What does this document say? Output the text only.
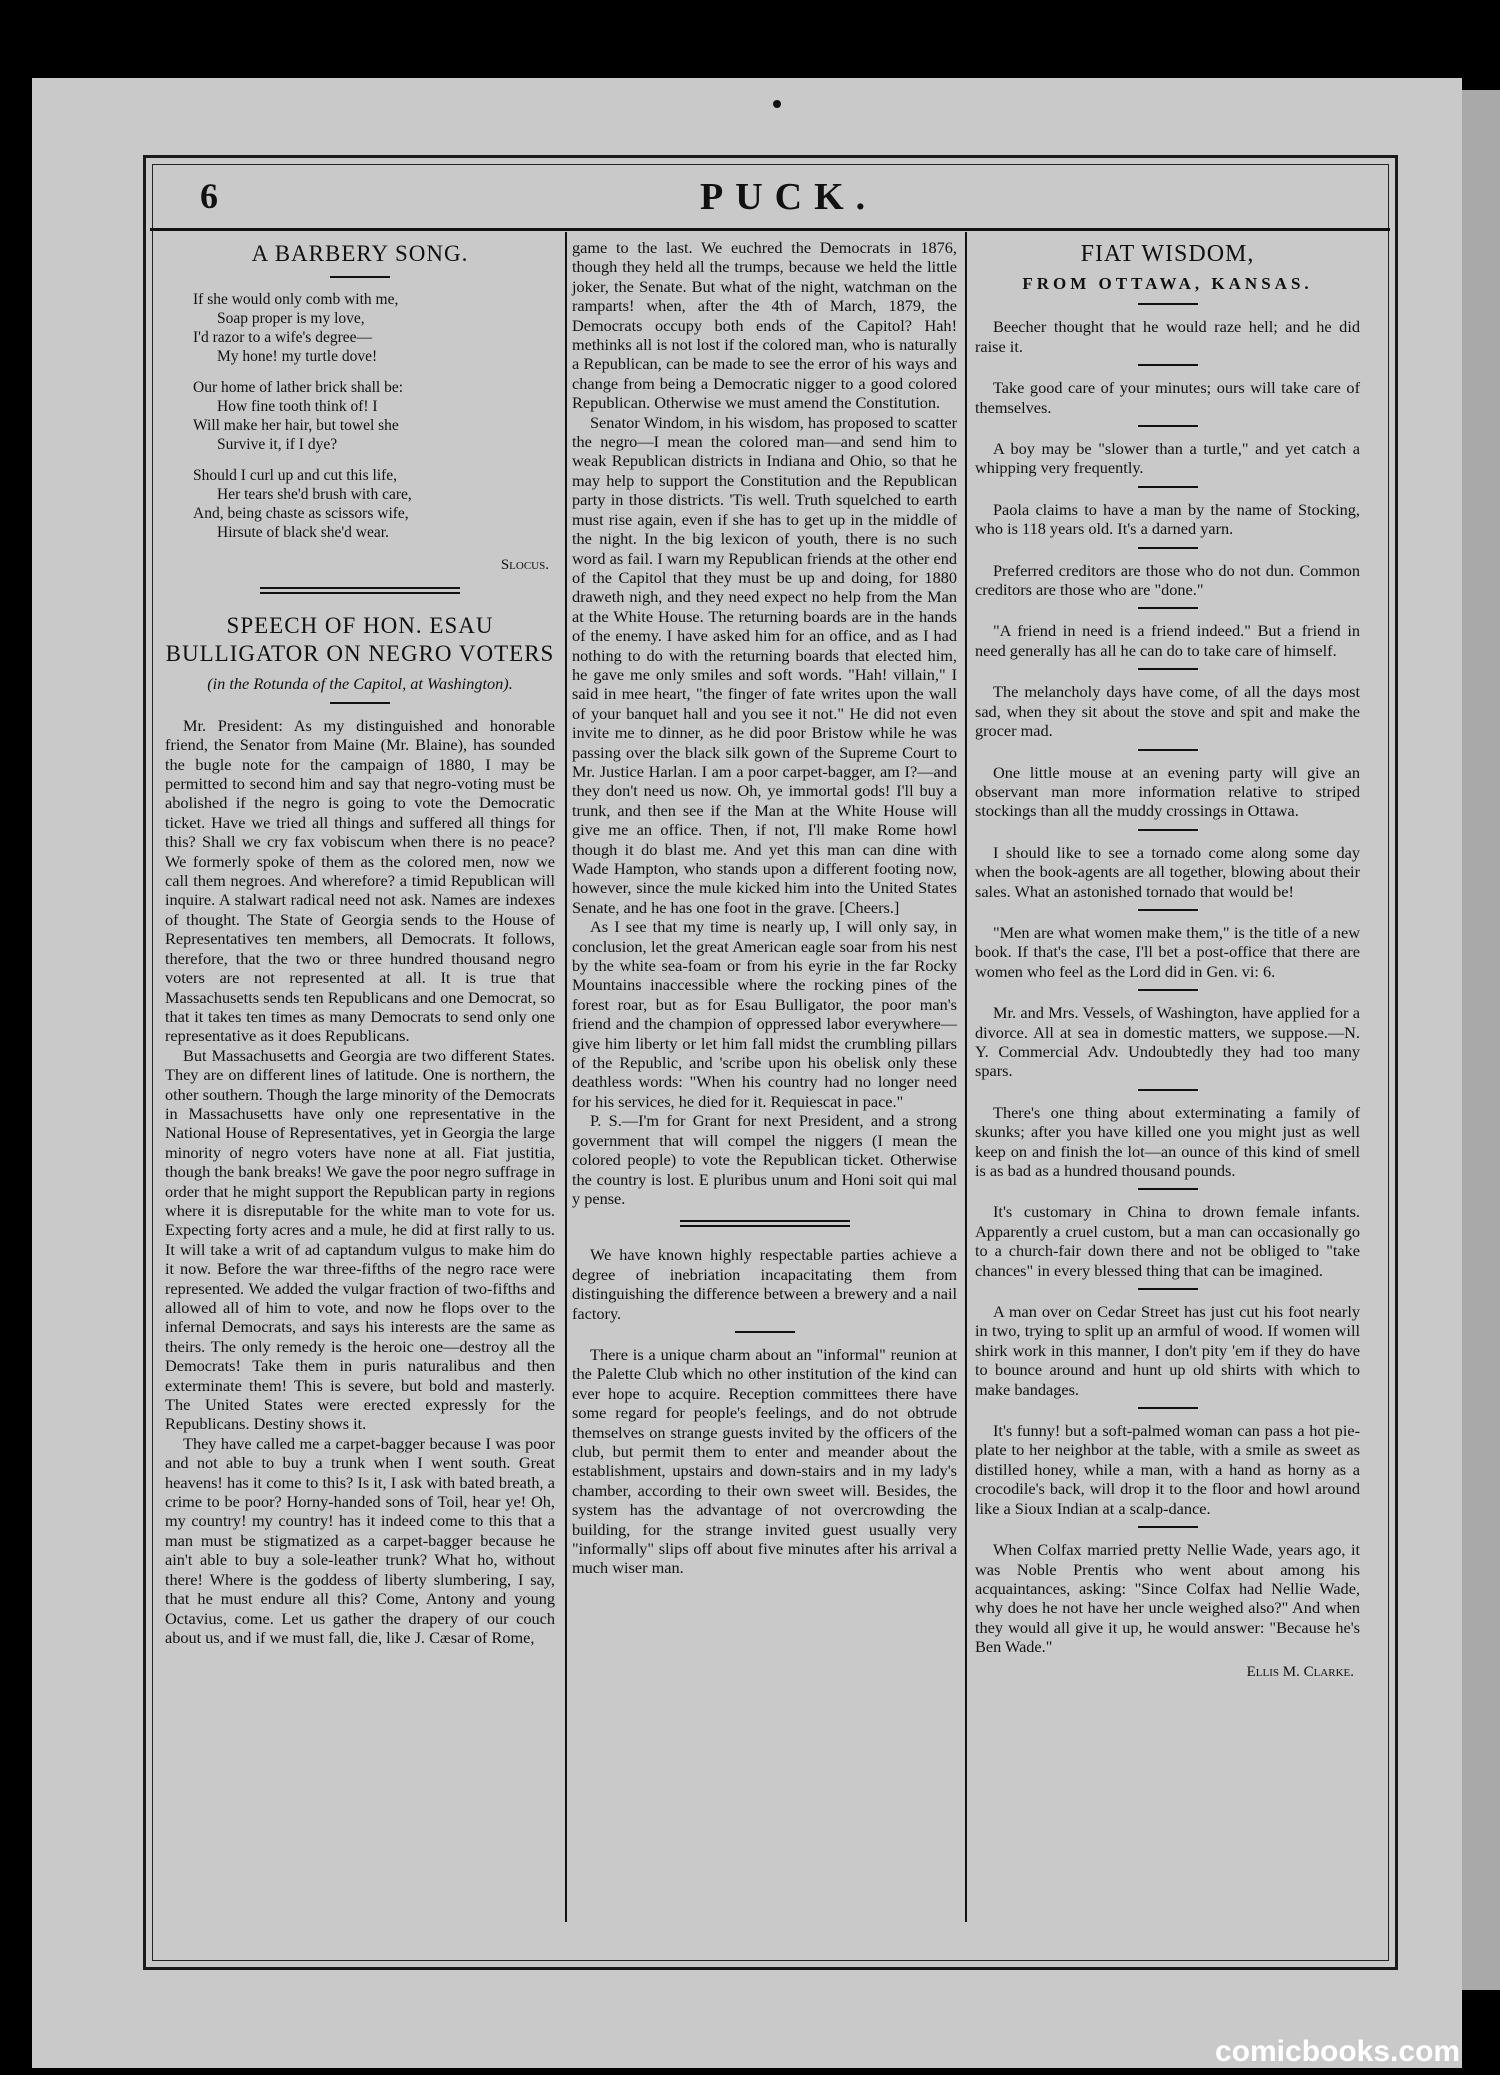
6	PUCK.
A BARBERY SONG.
If she would only comb with me,
Soap proper is my love,
I'd razor to a wife's degree—
My hone! my turtle dove!
Our home of lather brick shall be:
How fine tooth think of! I
Will make her hair, but towel she
Survive it, if I dye?
Should I curl up and cut this life,
Her tears she'd brush with care,
And, being chaste as scissors wife,
Hirsute of black she'd wear.
Slocus.
SPEECH OF HON. ESAU BULLIGATOR ON NEGRO VOTERS
(in the Rotunda of the Capitol, at Washington).

Mr. President: As my distinguished and honorable friend, the Senator from Maine (Mr. Blaine), has sounded the bugle note for the campaign of 1880, I may be permitted to second him and say that negro-voting must be abolished if the negro is going to vote the Democratic ticket. Have we tried all things and suffered all things for this? Shall we cry fax vobiscum when there is no peace? We formerly spoke of them as the colored men, now we call them negroes. And wherefore? a timid Republican will inquire. A stalwart radical need not ask. Names are indexes of thought. The State of Georgia sends to the House of Representatives ten members, all Democrats. It follows, therefore, that the two or three hundred thousand negro voters are not represented at all. It is true that Massachusetts sends ten Republicans and one Democrat, so that it takes ten times as many Democrats to send only one representative as it does Republicans.

But Massachusetts and Georgia are two different States. They are on different lines of latitude. One is northern, the other southern. Though the large minority of the Democrats in Massachusetts have only one representative in the National House of Representatives, yet in Georgia the large minority of negro voters have none at all. Fiat justitia, though the bank breaks! We gave the poor negro suffrage in order that he might support the Republican party in regions where it is disreputable for the white man to vote for us. Expecting forty acres and a mule, he did at first rally to us. It will take a writ of ad captandum vulgus to make him do it now. Before the war three-fifths of the negro race were represented. We added the vulgar fraction of two-fifths and allowed all of him to vote, and now he flops over to the infernal Democrats, and says his interests are the same as theirs. The only remedy is the heroic one—destroy all the Democrats! Take them in puris naturalibus and then exterminate them! This is severe, but bold and masterly. The United States were erected expressly for the Republicans. Destiny shows it.

They have called me a carpet-bagger because I was poor and not able to buy a trunk when I went south. Great heavens! has it come to this? Is it, I ask with bated breath, a crime to be poor? Horny-handed sons of Toil, hear ye! Oh, my country! my country! has it indeed come to this that a man must be stigmatized as a carpet-bagger because he ain't able to buy a sole-leather trunk? What ho, without there! Where is the goddess of liberty slumbering, I say, that he must endure all this? Come, Antony and young Octavius, come. Let us gather the drapery of our couch about us, and if we must fall, die, like J. Cæsar of Rome,

game to the last. We euchred the Democrats in 1876, though they held all the trumps, because we held the little joker, the Senate. But what of the night, watchman on the ramparts! when, after the 4th of March, 1879, the Democrats occupy both ends of the Capitol? Hah! methinks all is not lost if the colored man, who is naturally a Republican, can be made to see the error of his ways and change from being a Democratic nigger to a good colored Republican. Otherwise we must amend the Constitution.

Senator Windom, in his wisdom, has proposed to scatter the negro—I mean the colored man—and send him to weak Republican districts in Indiana and Ohio, so that he may help to support the Constitution and the Republican party in those districts. 'Tis well. Truth squelched to earth must rise again, even if she has to get up in the middle of the night. In the big lexicon of youth, there is no such word as fail. I warn my Republican friends at the other end of the Capitol that they must be up and doing, for 1880 draweth nigh, and they need expect no help from the Man at the White House. The returning boards are in the hands of the enemy. I have asked him for an office, and as I had nothing to do with the returning boards that elected him, he gave me only smiles and soft words. "Hah! villain," I said in mee heart, "the finger of fate writes upon the wall of your banquet hall and you see it not." He did not even invite me to dinner, as he did poor Bristow while he was passing over the black silk gown of the Supreme Court to Mr. Justice Harlan. I am a poor carpet-bagger, am I?—and they don't need us now. Oh, ye immortal gods! I'll buy a trunk, and then see if the Man at the White House will give me an office. Then, if not, I'll make Rome howl though it do blast me. And yet this man can dine with Wade Hampton, who stands upon a different footing now, however, since the mule kicked him into the United States Senate, and he has one foot in the grave. [Cheers.]

As I see that my time is nearly up, I will only say, in conclusion, let the great American eagle soar from his nest by the white sea-foam or from his eyrie in the far Rocky Mountains inaccessible where the rocking pines of the forest roar, but as for Esau Bulligator, the poor man's friend and the champion of oppressed labor everywhere—give him liberty or let him fall midst the crumbling pillars of the Republic, and 'scribe upon his obelisk only these deathless words: "When his country had no longer need for his services, he died for it. Requiescat in pace."

P. S.—I'm for Grant for next President, and a strong government that will compel the niggers (I mean the colored people) to vote the Republican ticket. Otherwise the country is lost. E pluribus unum and Honi soit qui mal y pense.

We have known highly respectable parties achieve a degree of inebriation incapacitating them from distinguishing the difference between a brewery and a nail factory.

There is a unique charm about an "informal" reunion at the Palette Club which no other institution of the kind can ever hope to acquire. Reception committees there have some regard for people's feelings, and do not obtrude themselves on strange guests invited by the officers of the club, but permit them to enter and meander about the establishment, upstairs and down-stairs and in my lady's chamber, according to their own sweet will. Besides, the system has the advantage of not overcrowding the building, for the strange invited guest usually very "informally" slips off about five minutes after his arrival a much wiser man.

FIAT WISDOM,
FROM OTTAWA, KANSAS.

Beecher thought that he would raze hell; and he did raise it.

Take good care of your minutes; ours will take care of themselves.

A boy may be "slower than a turtle," and yet catch a whipping very frequently.

Paola claims to have a man by the name of Stocking, who is 118 years old. It's a darned yarn.

Preferred creditors are those who do not dun. Common creditors are those who are "done."

"A friend in need is a friend indeed." But a friend in need generally has all he can do to take care of himself.

The melancholy days have come, of all the days most sad, when they sit about the stove and spit and make the grocer mad.

One little mouse at an evening party will give an observant man more information relative to striped stockings than all the muddy crossings in Ottawa.

I should like to see a tornado come along some day when the book-agents are all together, blowing about their sales. What an astonished tornado that would be!

"Men are what women make them," is the title of a new book. If that's the case, I'll bet a post-office that there are women who feel as the Lord did in Gen. vi: 6.

Mr. and Mrs. Vessels, of Washington, have applied for a divorce. All at sea in domestic matters, we suppose.—N. Y. Commercial Adv. Undoubtedly they had too many spars.

There's one thing about exterminating a family of skunks; after you have killed one you might just as well keep on and finish the lot—an ounce of this kind of smell is as bad as a hundred thousand pounds.

It's customary in China to drown female infants. Apparently a cruel custom, but a man can occasionally go to a church-fair down there and not be obliged to "take chances" in every blessed thing that can be imagined.

A man over on Cedar Street has just cut his foot nearly in two, trying to split up an armful of wood. If women will shirk work in this manner, I don't pity 'em if they do have to bounce around and hunt up old shirts with which to make bandages.

It's funny! but a soft-palmed woman can pass a hot pie-plate to her neighbor at the table, with a smile as sweet as distilled honey, while a man, with a hand as horny as a crocodile's back, will drop it to the floor and howl around like a Sioux Indian at a scalp-dance.

When Colfax married pretty Nellie Wade, years ago, it was Noble Prentis who went about among his acquaintances, asking: "Since Colfax had Nellie Wade, why does he not have her uncle weighed also?" And when they would all give it up, he would answer: "Because he's Ben Wade."

Ellis M. Clarke.
comicbooks.com
